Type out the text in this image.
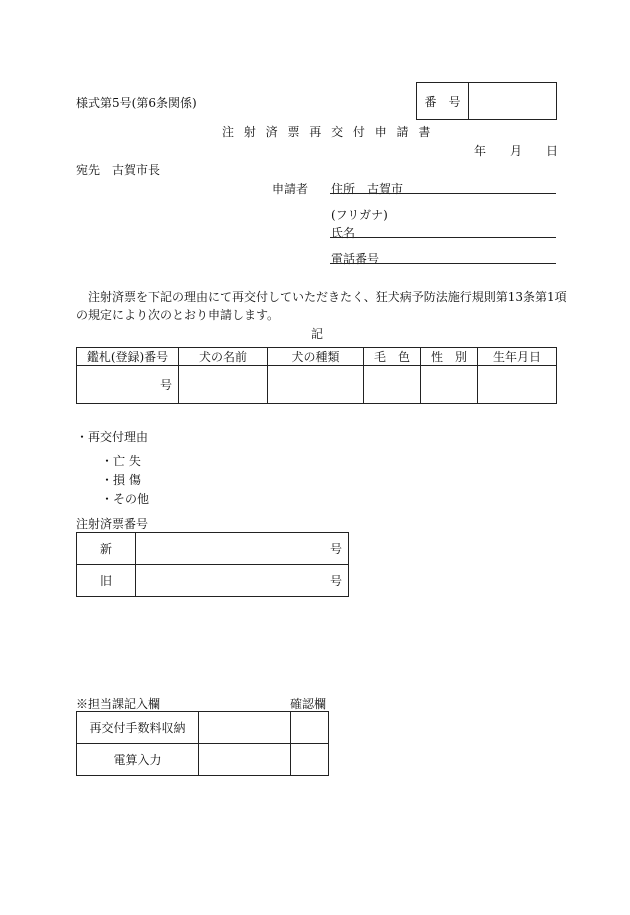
様式第5号(第6条関係)	番　号	
注 射 済 票 再 交 付 申 請 書
年　　月　　日
宛先　古賀市長
申請者 住所　古賀市
(フリガナ)
氏名
電話番号
注射済票を下記の理由にて再交付していただきたく、狂犬病予防法施行規則第13条第1項
の規定により次のとおり申請します。
記
鑑札(登録)番号	犬の名前	犬の種類	毛　色	性　別	生年月日
号					
・再交付理由
・亡 失
・損 傷
・その他
注射済票番号
新	号
旧	号
※担当課記入欄	確認欄
再交付手数料収納		
電算入力		
